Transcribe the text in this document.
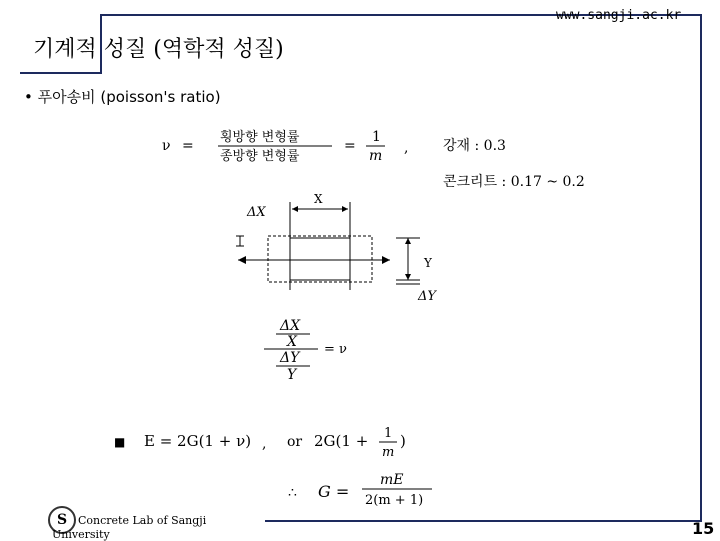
www.sangji.ac.kr
기계적 성질 (역학적 성질)
• 푸아송비 (poisson's ratio)
ν =
횡방향 변형률
종방향 변형률
=
1
m , 강재 : 0.3
콘크리트 : 0.17 ~ 0.2
ΔX
X
Y
ΔY
ΔX
X
ΔY
Y
= ν
■ E = 2G(1 + ν) , or 2G(1 + 1
m
)
∴ G =
mE
2(m + 1)
S Concrete Lab of Sangji
University	15
